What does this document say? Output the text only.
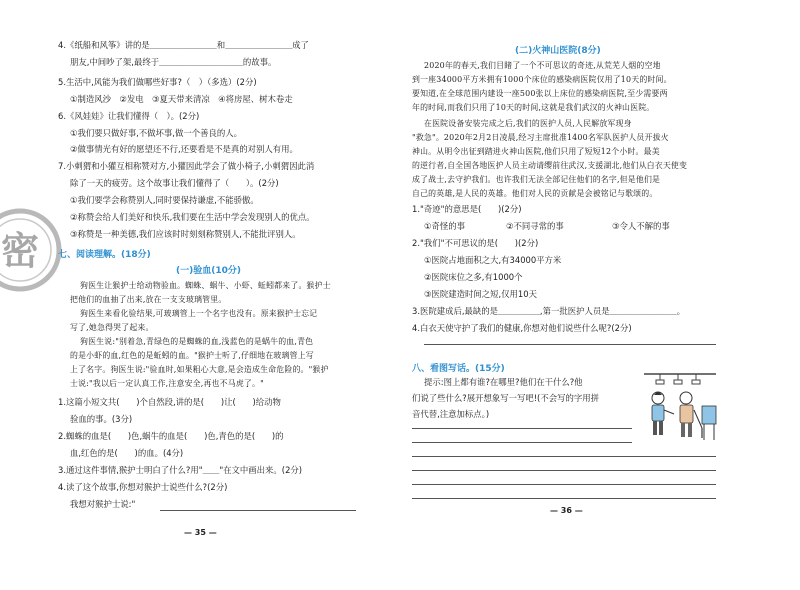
密
4.《纸船和风筝》讲的是＿＿＿＿＿＿＿＿和＿＿＿＿＿＿＿＿成了
朋友,中间吵了架,最终于＿＿＿＿＿＿＿＿＿＿的故事。
5.生活中,风能为我们做哪些好事?（　）（多选）(2分)
①制造风沙　②发电　③夏天带来清凉　④将房屋、树木卷走
6.《风娃娃》让我们懂得（　）。(2分)
①我们要只做好事,不做坏事,做一个善良的人。
②做事情光有好的愿望还不行,还要看是不是真的对别人有用。
7.小刺猬和小獾互相称赞对方,小獾因此学会了做小椅子,小刺猬因此消
除了一天的疲劳。这个故事让我们懂得了（　　）。(2分)
①我们要学会称赞别人,同时要保持谦虚,不能骄傲。
②称赞会给人们美好和快乐,我们要在生活中学会发现别人的优点。
③称赞是一种美德,我们应该时时刻刻称赞别人,不能批评别人。
七、阅读理解。(18分)
(一)验血(10分)
狗医生让猴护士给动物验血。蜘蛛、蜗牛、小虾、蚯蚓都来了。猴护士
把他们的血抽了出来,放在一支支玻璃管里。
狗医生来看化验结果,可玻璃管上一个名字也没有。原来猴护士忘记
写了,她急得哭了起来。
狗医生说:"别着急,青绿色的是蜘蛛的血,浅蓝色的是蜗牛的血,青色
的是小虾的血,红色的是蚯蚓的血。"猴护士听了,仔细地在玻璃管上写
上了名字。狗医生说:"验血时,如果粗心大意,是会造成生命危险的。"猴护
士说:"我以后一定认真工作,注意安全,再也不马虎了。"
1.这篇小短文共(　　)个自然段,讲的是(　　)让(　　)给动物
验血的事。(3分)
2.蜘蛛的血是(　　)色,蜗牛的血是(　　)色,青色的是(　　)的
血,红色的是(　　)的血。(4分)
3.通过这件事情,猴护士明白了什么?用"＿＿"在文中画出来。(2分)
4.读了这个故事,你想对猴护士说些什么?(2分)
我想对猴护士说:"
— 35 —
(二)火神山医院(8分)
2020年的春天,我们目睹了一个不可思议的奇迹,从荒芜人烟的空地
到一座34000平方米拥有1000个床位的感染病医院仅用了10天的时间。
要知道,在全球范围内建设一座500张以上床位的感染病医院,至少需要两
年的时间,而我们只用了10天的时间,这就是我们武汉的火神山医院。
在医院设备安装完成之后,我们的医护人员,人民解放军现身
"救急"。2020年2月2日凌晨,经习主席批准1400名军队医护人员开拔火
神山。从明令出征到踏进火神山医院,他们只用了短短12个小时。最美
的逆行者,自全国各地医护人员主动请缨前往武汉,支援湖北,他们从白衣天使变
成了战士,去守护我们。也许我们无法全部记住他们的名字,但是他们是
自己的英雄,是人民的英雄。他们对人民的贡献是会被铭记与歌颂的。
1."奇迹"的意思是(　　)(2分)
①奇怪的事	②不同寻常的事	③令人不解的事
2."我们"不可思议的是(　　)(2分)
①医院占地面积之大,有34000平方米
②医院床位之多,有1000个
③医院建造时间之短,仅用10天
3.医院建成后,最缺的是＿＿＿＿＿,第一批医护人员是＿＿＿＿＿＿＿＿。
4.白衣天使守护了我们的健康,你想对他们说些什么呢?(2分)
八、看图写话。(15分)
提示:图上都有谁?在哪里?他们在干什么?他
们说了些什么?展开想象写一写吧!(不会写的字用拼
音代替,注意加标点。)
— 36 —
